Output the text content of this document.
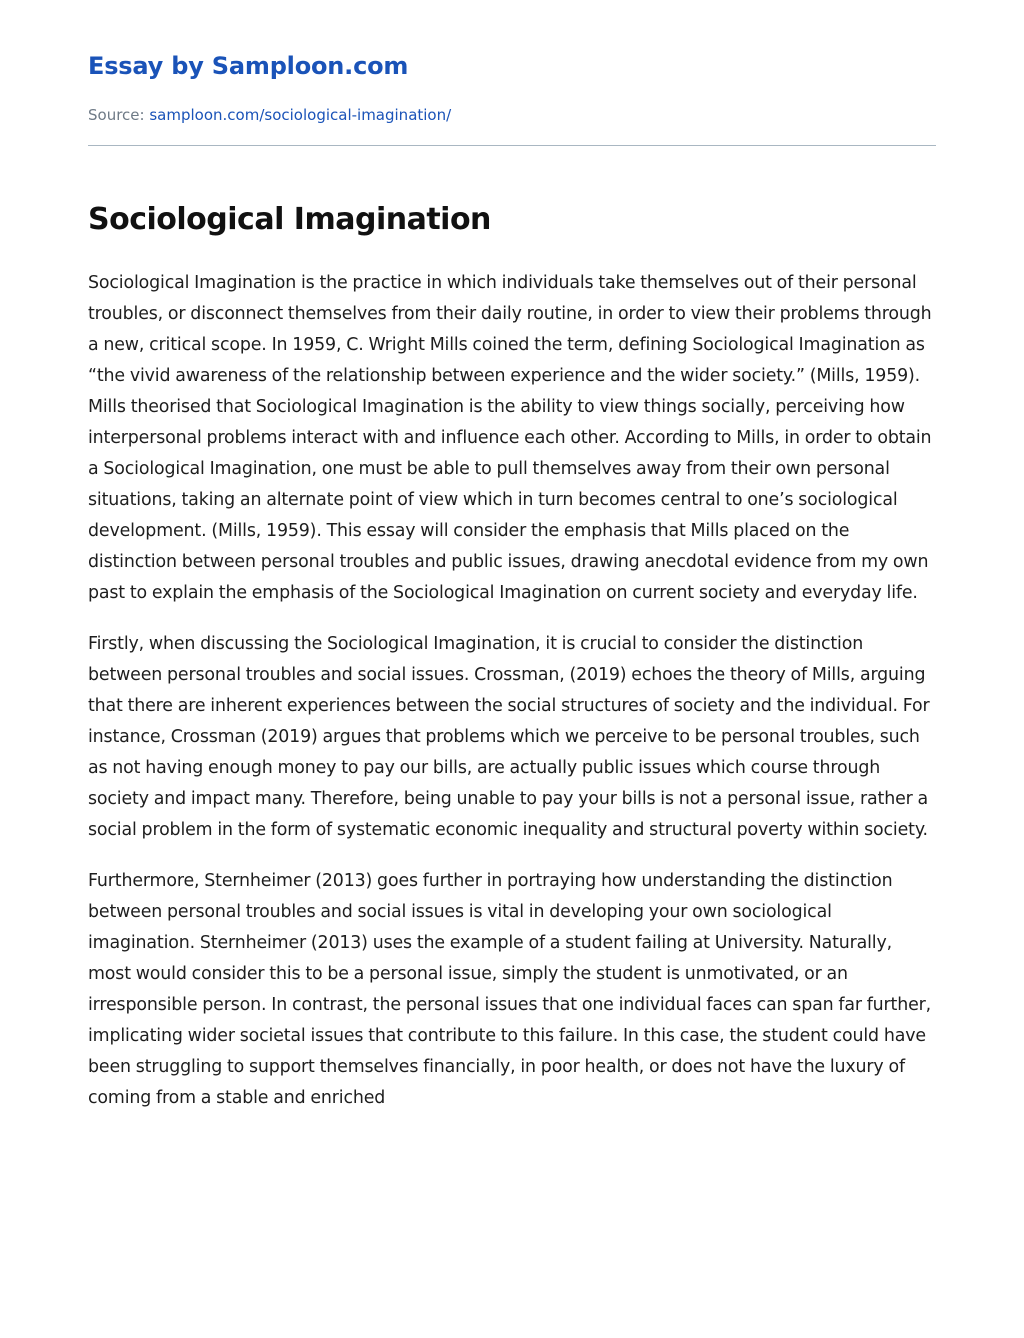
Essay by Samploon.com
Source: samploon.com/sociological-imagination/
Sociological Imagination

Sociological Imagination is the practice in which individuals take themselves out of their personal troubles, or disconnect themselves from their daily routine, in order to view their problems through a new, critical scope. In 1959, C. Wright Mills coined the term, defining Sociological Imagination as “the vivid awareness of the relationship between experience and the wider society.” (Mills, 1959). Mills theorised that Sociological Imagination is the ability to view things socially, perceiving how interpersonal problems interact with and influence each other. According to Mills, in order to obtain a Sociological Imagination, one must be able to pull themselves away from their own personal situations, taking an alternate point of view which in turn becomes central to one’s sociological development. (Mills, 1959). This essay will consider the emphasis that Mills placed on the distinction between personal troubles and public issues, drawing anecdotal evidence from my own past to explain the emphasis of the Sociological Imagination on current society and everyday life.

Firstly, when discussing the Sociological Imagination, it is crucial to consider the distinction between personal troubles and social issues. Crossman, (2019) echoes the theory of Mills, arguing that there are inherent experiences between the social structures of society and the individual. For instance, Crossman (2019) argues that problems which we perceive to be personal troubles, such as not having enough money to pay our bills, are actually public issues which course through society and impact many. Therefore, being unable to pay your bills is not a personal issue, rather a social problem in the form of systematic economic inequality and structural poverty within society.

Furthermore, Sternheimer (2013) goes further in portraying how understanding the distinction between personal troubles and social issues is vital in developing your own sociological imagination. Sternheimer (2013) uses the example of a student failing at University. Naturally, most would consider this to be a personal issue, simply the student is unmotivated, or an irresponsible person. In contrast, the personal issues that one individual faces can span far further, implicating wider societal issues that contribute to this failure. In this case, the student could have been struggling to support themselves financially, in poor health, or does not have the luxury of coming from a stable and enriched
